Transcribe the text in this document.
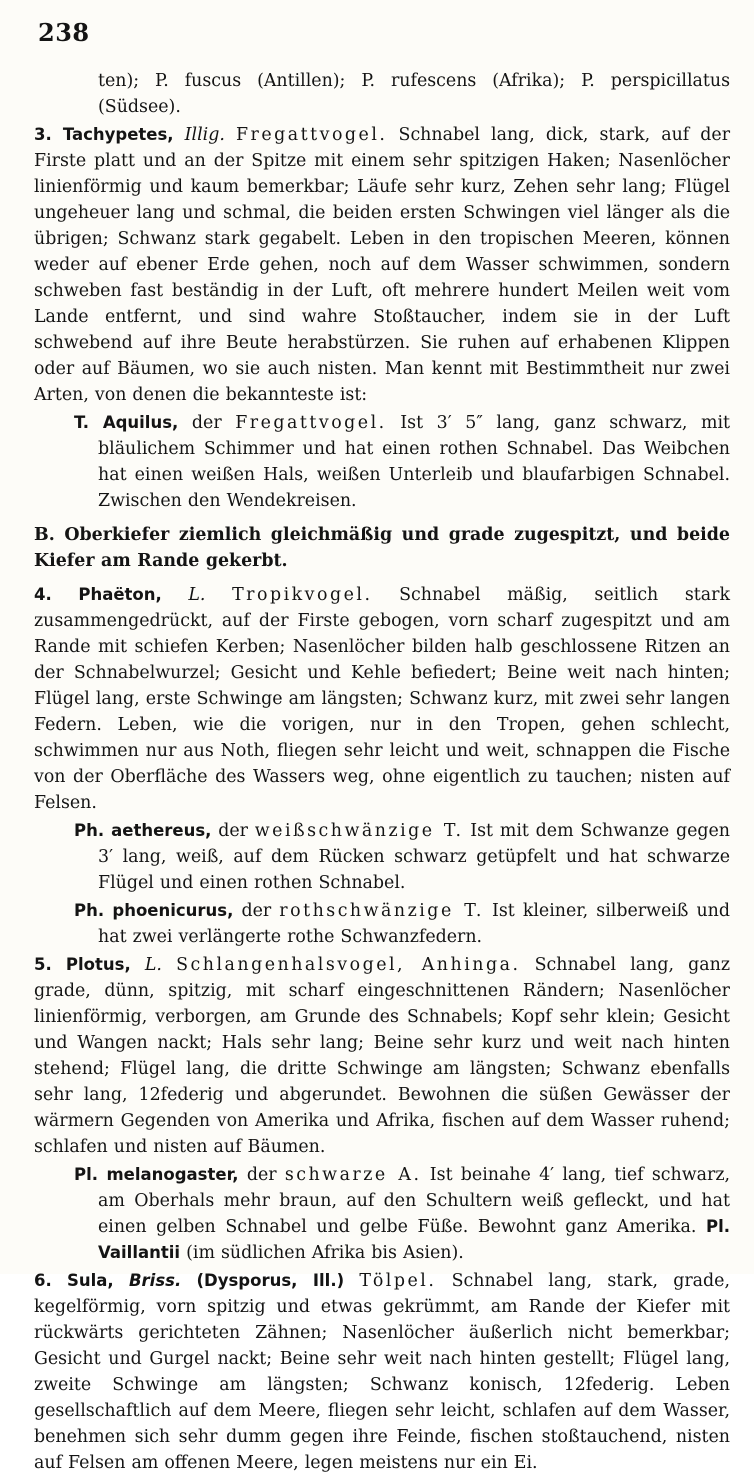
238
ten); P. fuscus (Antillen); P. rufescens (Afrika); P. perspicillatus (Südsee).

3. Tachypetes, Illig. Fregattvogel. Schnabel lang, dick, stark, auf der Firste platt und an der Spitze mit einem sehr spitzigen Haken; Nasenlöcher linienförmig und kaum bemerkbar; Läufe sehr kurz, Zehen sehr lang; Flügel ungeheuer lang und schmal, die beiden ersten Schwingen viel länger als die übrigen; Schwanz stark gegabelt. Leben in den tropischen Meeren, können weder auf ebener Erde gehen, noch auf dem Wasser schwimmen, sondern schweben fast beständig in der Luft, oft mehrere hundert Meilen weit vom Lande entfernt, und sind wahre Stoßtaucher, indem sie in der Luft schwebend auf ihre Beute herabstürzen. Sie ruhen auf erhabenen Klippen oder auf Bäumen, wo sie auch nisten. Man kennt mit Bestimmtheit nur zwei Arten, von denen die bekannteste ist:

T. Aquilus, der Fregattvogel. Ist 3′ 5″ lang, ganz schwarz, mit bläulichem Schimmer und hat einen rothen Schnabel. Das Weibchen hat einen weißen Hals, weißen Unterleib und blaufarbigen Schnabel. Zwischen den Wendekreisen.

B. Oberkiefer ziemlich gleichmäßig und grade zugespitzt, und beide Kiefer am Rande gekerbt.

4. Phaëton, L. Tropikvogel. Schnabel mäßig, seitlich stark zusammengedrückt, auf der Firste gebogen, vorn scharf zugespitzt und am Rande mit schiefen Kerben; Nasenlöcher bilden halb geschlossene Ritzen an der Schnabelwurzel; Gesicht und Kehle befiedert; Beine weit nach hinten; Flügel lang, erste Schwinge am längsten; Schwanz kurz, mit zwei sehr langen Federn. Leben, wie die vorigen, nur in den Tropen, gehen schlecht, schwimmen nur aus Noth, fliegen sehr leicht und weit, schnappen die Fische von der Oberfläche des Wassers weg, ohne eigentlich zu tauchen; nisten auf Felsen.

Ph. aethereus, der weißschwänzige T. Ist mit dem Schwanze gegen 3′ lang, weiß, auf dem Rücken schwarz getüpfelt und hat schwarze Flügel und einen rothen Schnabel.

Ph. phoenicurus, der rothschwänzige T. Ist kleiner, silberweiß und hat zwei verlängerte rothe Schwanzfedern.

5. Plotus, L. Schlangenhalsvogel, Anhinga. Schnabel lang, ganz grade, dünn, spitzig, mit scharf eingeschnittenen Rändern; Nasenlöcher linienförmig, verborgen, am Grunde des Schnabels; Kopf sehr klein; Gesicht und Wangen nackt; Hals sehr lang; Beine sehr kurz und weit nach hinten stehend; Flügel lang, die dritte Schwinge am längsten; Schwanz ebenfalls sehr lang, 12federig und abgerundet. Bewohnen die süßen Gewässer der wärmern Gegenden von Amerika und Afrika, fischen auf dem Wasser ruhend; schlafen und nisten auf Bäumen.

Pl. melanogaster, der schwarze A. Ist beinahe 4′ lang, tief schwarz, am Oberhals mehr braun, auf den Schultern weiß gefleckt, und hat einen gelben Schnabel und gelbe Füße. Bewohnt ganz Amerika. Pl. Vaillantii (im südlichen Afrika bis Asien).

6. Sula, Briss. (Dysporus, Ill.) Tölpel. Schnabel lang, stark, grade, kegelförmig, vorn spitzig und etwas gekrümmt, am Rande der Kiefer mit rückwärts gerichteten Zähnen; Nasenlöcher äußerlich nicht bemerkbar; Gesicht und Gurgel nackt; Beine sehr weit nach hinten gestellt; Flügel lang, zweite Schwinge am längsten; Schwanz konisch, 12federig. Leben gesellschaftlich auf dem Meere, fliegen sehr leicht, schlafen auf dem Wasser, benehmen sich sehr dumm gegen ihre Feinde, fischen stoßtauchend, nisten auf Felsen am offenen Meere, legen meistens nur ein Ei.
